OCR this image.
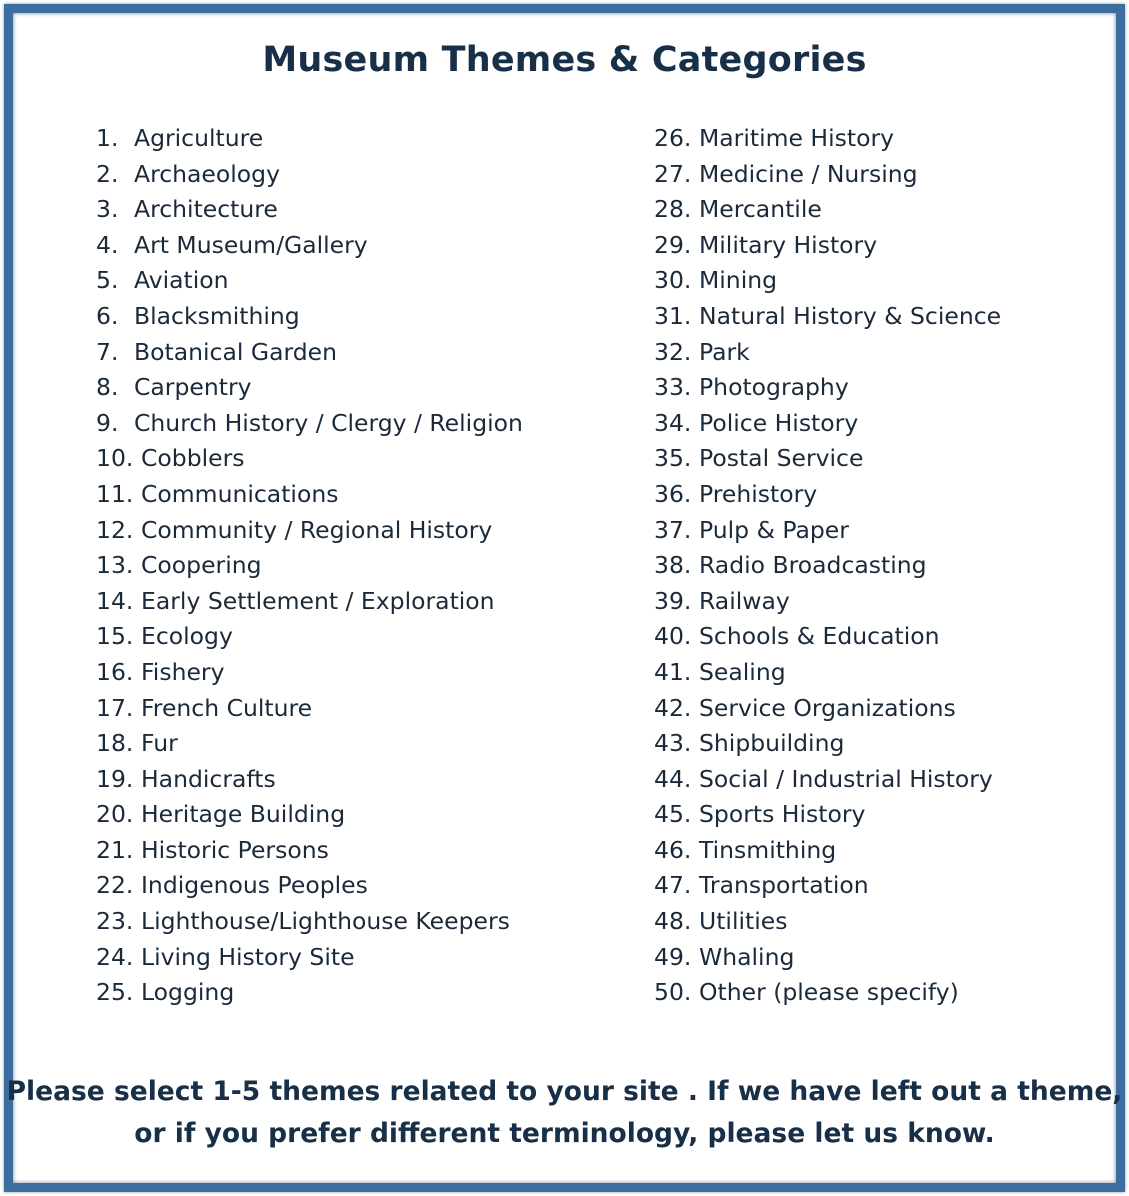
Museum Themes & Categories
1. Agriculture
2. Archaeology
3. Architecture
4. Art Museum/Gallery
5. Aviation
6. Blacksmithing
7. Botanical Garden
8. Carpentry
9. Church History / Clergy / Religion
10. Cobblers
11. Communications
12. Community / Regional History
13. Coopering
14. Early Settlement / Exploration
15. Ecology
16. Fishery
17. French Culture
18. Fur
19. Handicrafts
20. Heritage Building
21. Historic Persons
22. Indigenous Peoples
23. Lighthouse/Lighthouse Keepers
24. Living History Site
25. Logging
26. Maritime History
27. Medicine / Nursing
28. Mercantile
29. Military History
30. Mining
31. Natural History & Science
32. Park
33. Photography
34. Police History
35. Postal Service
36. Prehistory
37. Pulp & Paper
38. Radio Broadcasting
39. Railway
40. Schools & Education
41. Sealing
42. Service Organizations
43. Shipbuilding
44. Social / Industrial History
45. Sports History
46. Tinsmithing
47. Transportation
48. Utilities
49. Whaling
50. Other (please specify)
Please select 1-5 themes related to your site . If we have left out a theme,
or if you prefer different terminology, please let us know.
